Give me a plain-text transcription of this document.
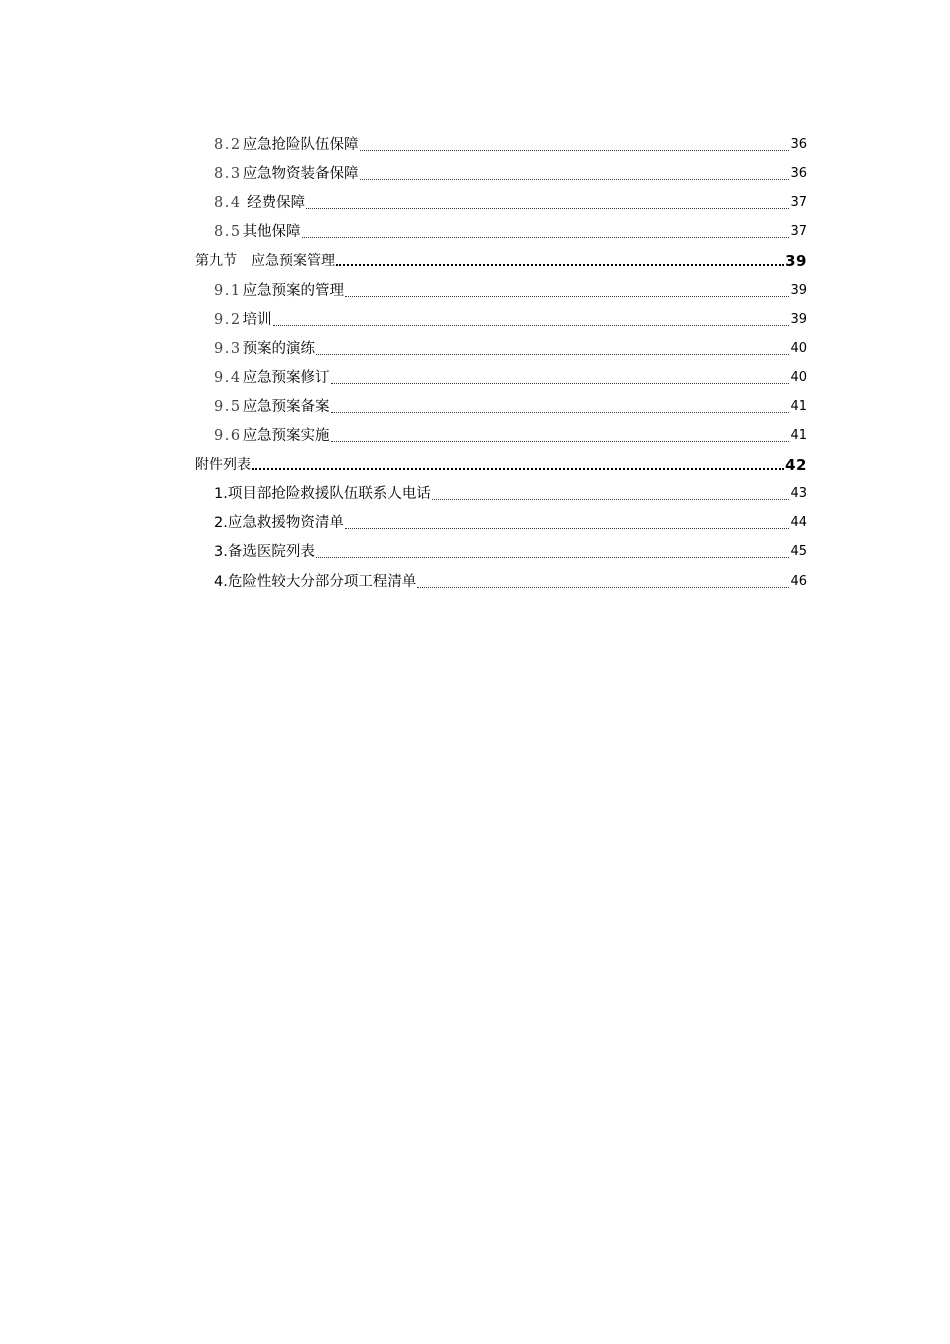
8.2 应急抢险队伍保障	36
8.3 应急物资装备保障	36
8.4 经费保障	37
8.5 其他保障	37
第九节　应急预案管理	39
9.1 应急预案的管理	39
9.2 培训	39
9.3 预案的演练	40
9.4 应急预案修订	40
9.5 应急预案备案	41
9.6 应急预案实施	41
附件列表	42
1.项目部抢险救援队伍联系人电话	43
2.应急救援物资清单	44
3.备选医院列表	45
4.危险性较大分部分项工程清单	46
